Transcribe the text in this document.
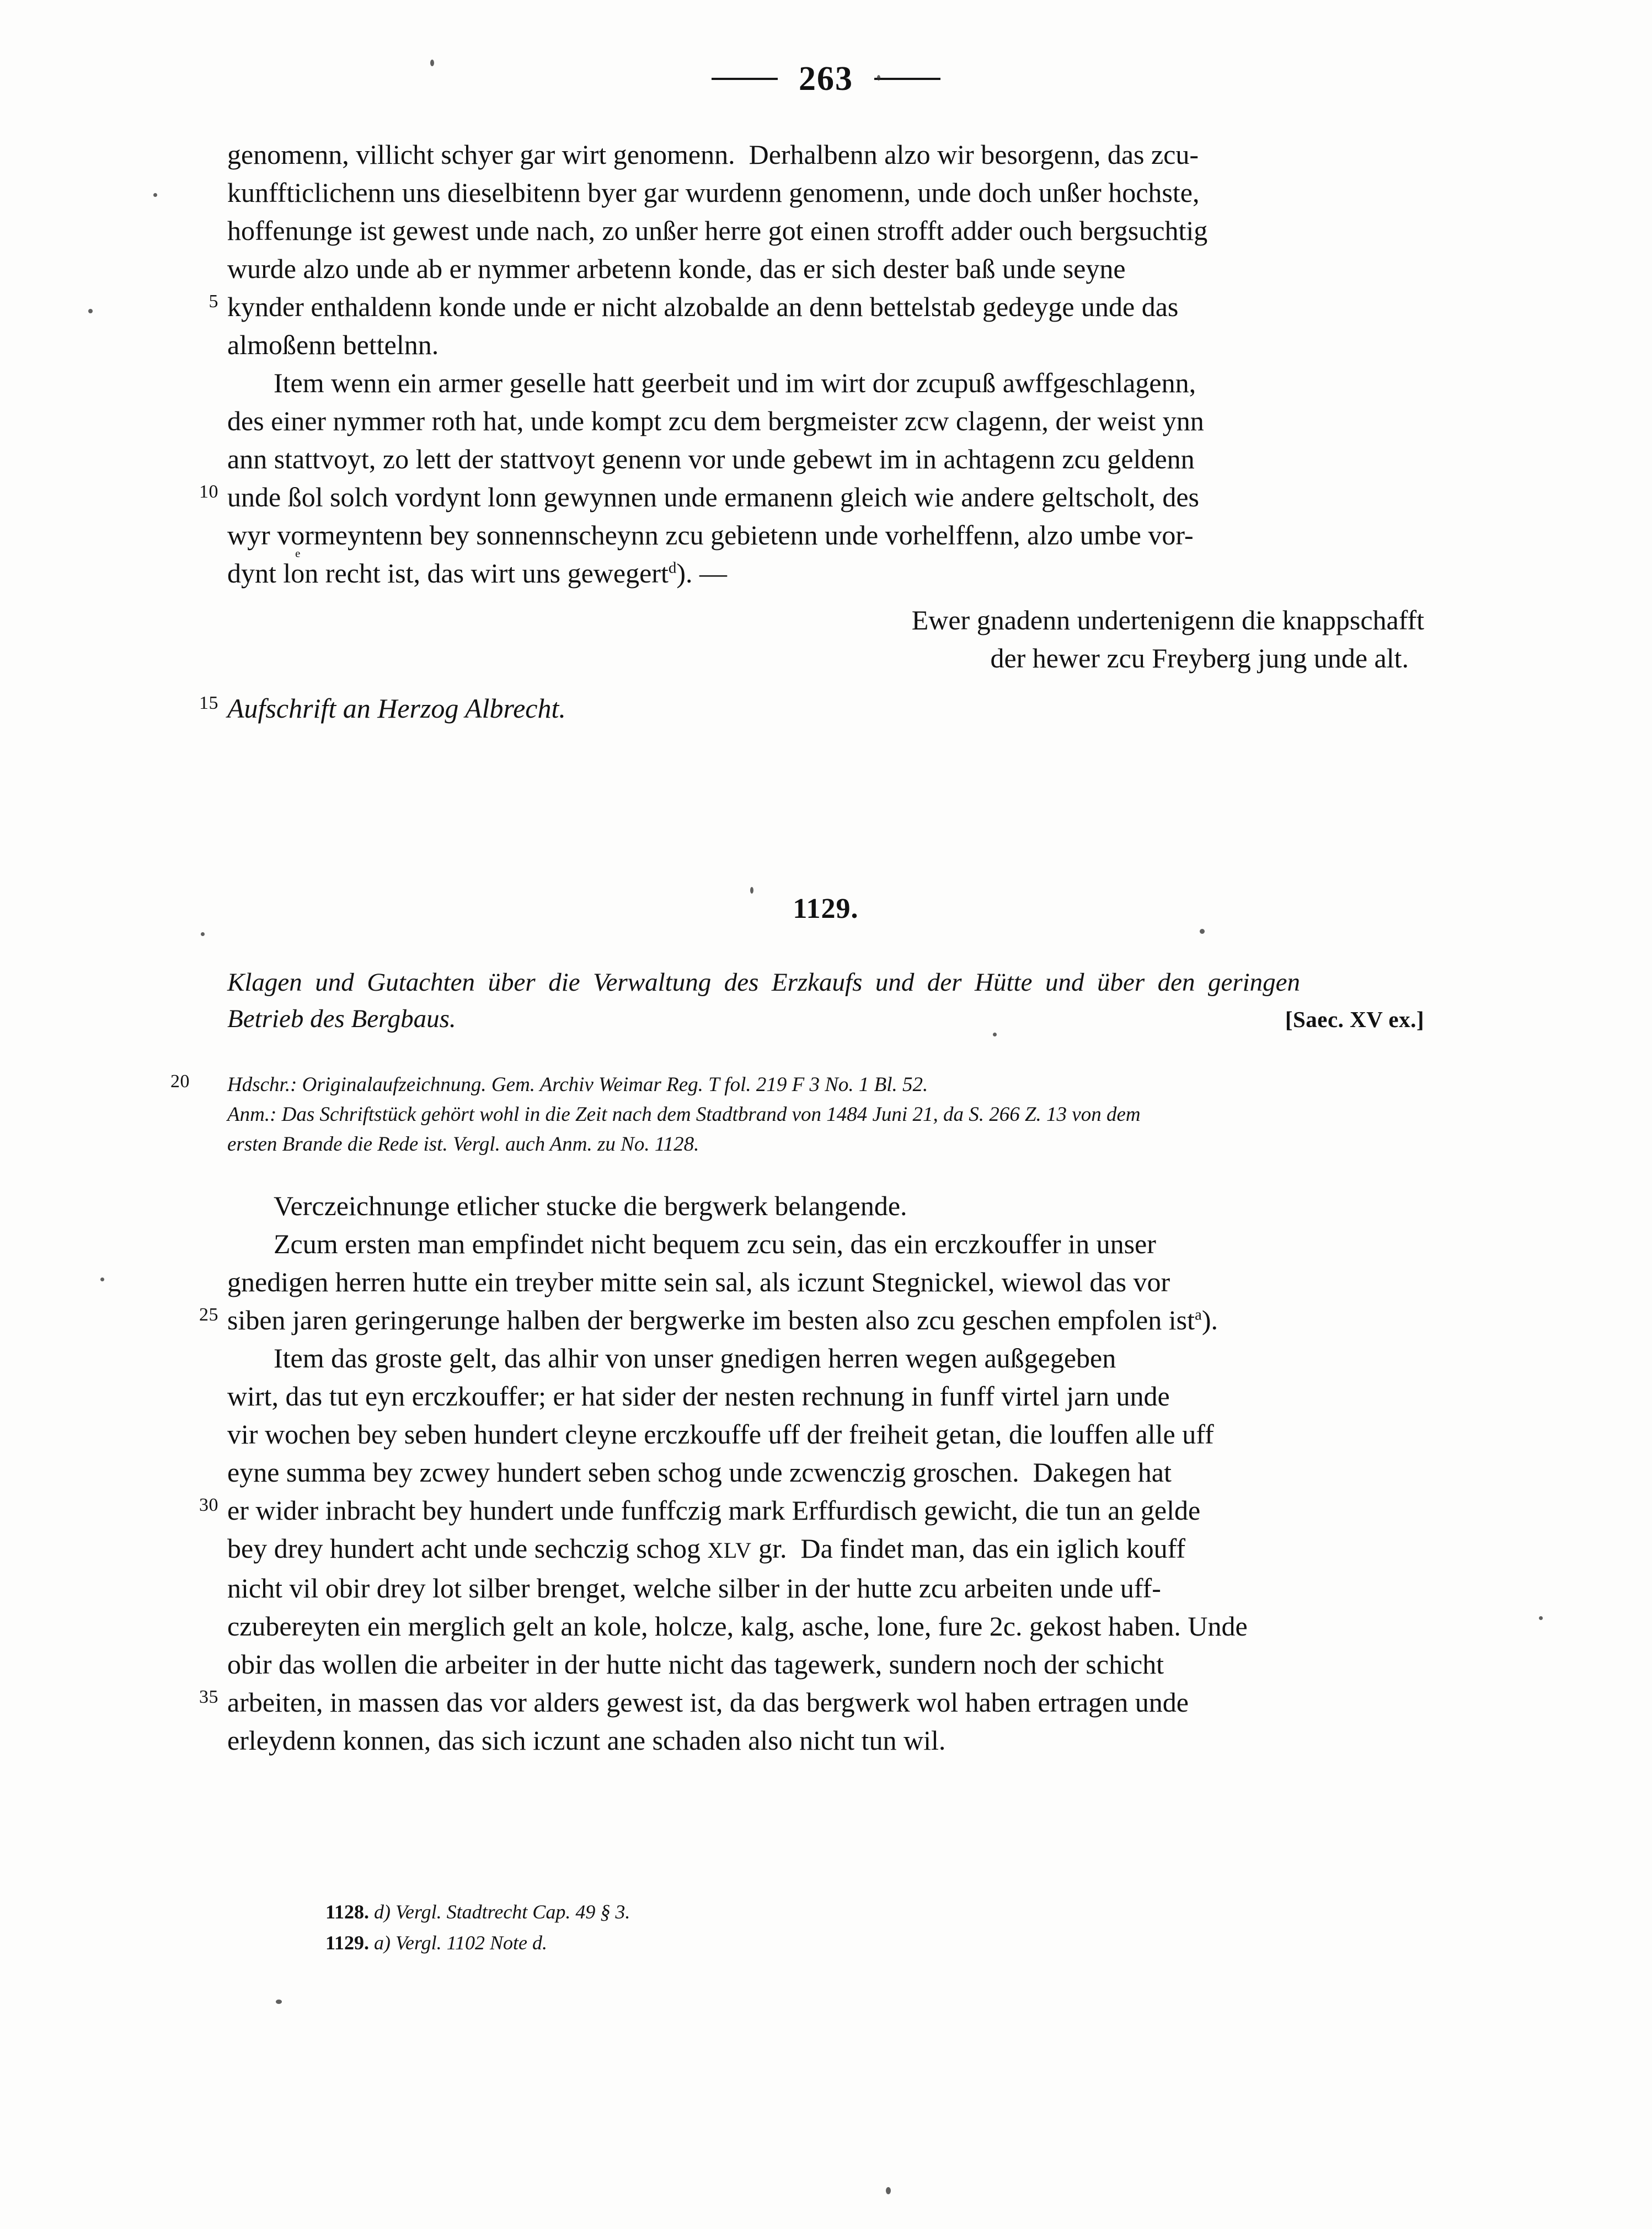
263
genomenn, villicht schyer gar wirt genomenn.  Derhalbenn alzo wir besorgenn, das zcu-
kunffticlichenn uns dieselbitenn byer gar wurdenn genomenn, unde doch unßer hochste,
hoffenunge ist gewest unde nach, zo unßer herre got einen strofft adder ouch bergsuchtig
wurde alzo unde ab er nymmer arbetenn konde, das er sich dester baß unde seyne
5 kynder enthaldenn konde unde er nicht alzobalde an denn bettelstab gedeyge unde das
almoßenn bettelnn.
Item wenn ein armer geselle hatt geerbeit und im wirt dor zcupuß awffgeschlagenn,
des einer nymmer roth hat, unde kompt zcu dem bergmeister zcw clagenn, der weist ynn
ann stattvoyt, zo lett der stattvoyt genenn vor unde gebewt im in achtagenn zcu geldenn
10 unde ßol solch vordynt lonn gewynnen unde ermanenn gleich wie andere geltscholt, des
wyr vormeyntenn bey sonnennscheynn zcu gebietenn unde vorhelffenn, alzo umbe vor-
dynt lo
e
n recht ist, das wirt uns gewegert$^d$). —
Ewer gnadenn undertenigenn die knappschafft
der hewer zcu Freyberg jung unde alt.
15 Aufschrift an Herzog Albrecht.
1129.
Klagen  und  Gutachten  über  die  Verwaltung  des  Erzkaufs  und  der  Hütte  und  über  den  geringen
Betrieb des Bergbaus.	[Saec. XV ex.]
Hdschr.: Originalaufzeichnung. Gem. Archiv Weimar Reg. T fol. 219 F 3 No. 1 Bl. 52.
20
Anm.: Das Schriftstück gehört wohl in die Zeit nach dem Stadtbrand von 1484 Juni 21, da S. 266 Z. 13 von dem
ersten Brande die Rede ist. Vergl. auch Anm. zu No. 1128.
Verczeichnunge etlicher stucke die bergwerk belangende.
Zcum ersten man empfindet nicht bequem zcu sein, das ein erczkouffer in unser
gnedigen herren hutte ein treyber mitte sein sal, als iczunt Stegnickel, wiewol das vor
25 siben jaren geringerunge halben der bergwerke im besten also zcu geschen empfolen ist$^a$).
Item das groste gelt, das alhir von unser gnedigen herren wegen außgegeben
wirt, das tut eyn erczkouffer; er hat sider der nesten rechnung in funff virtel jarn unde
vir wochen bey seben hundert cleyne erczkouffe uff der freiheit getan, die louffen alle uff
eyne summa bey zcwey hundert seben schog unde zcwenczig groschen.  Dakegen hat
30 er wider inbracht bey hundert unde funffczig mark Erffurdisch gewicht, die tun an gelde
bey drey hundert acht unde sechczig schog XLV gr.  Da findet man, das ein iglich kouff
nicht vil obir drey lot silber brenget, welche silber in der hutte zcu arbeiten unde uff-
czubereyten ein merglich gelt an kole, holcze, kalg, asche, lone, fure 2c. gekost haben. Unde
obir das wollen die arbeiter in der hutte nicht das tagewerk, sundern noch der schicht
35 arbeiten, in massen das vor alders gewest ist, da das bergwerk wol haben ertragen unde
erleydenn konnen, das sich iczunt ane schaden also nicht tun wil.
1128. d) Vergl. Stadtrecht Cap. 49 § 3.
1129. a) Vergl. 1102 Note d.
